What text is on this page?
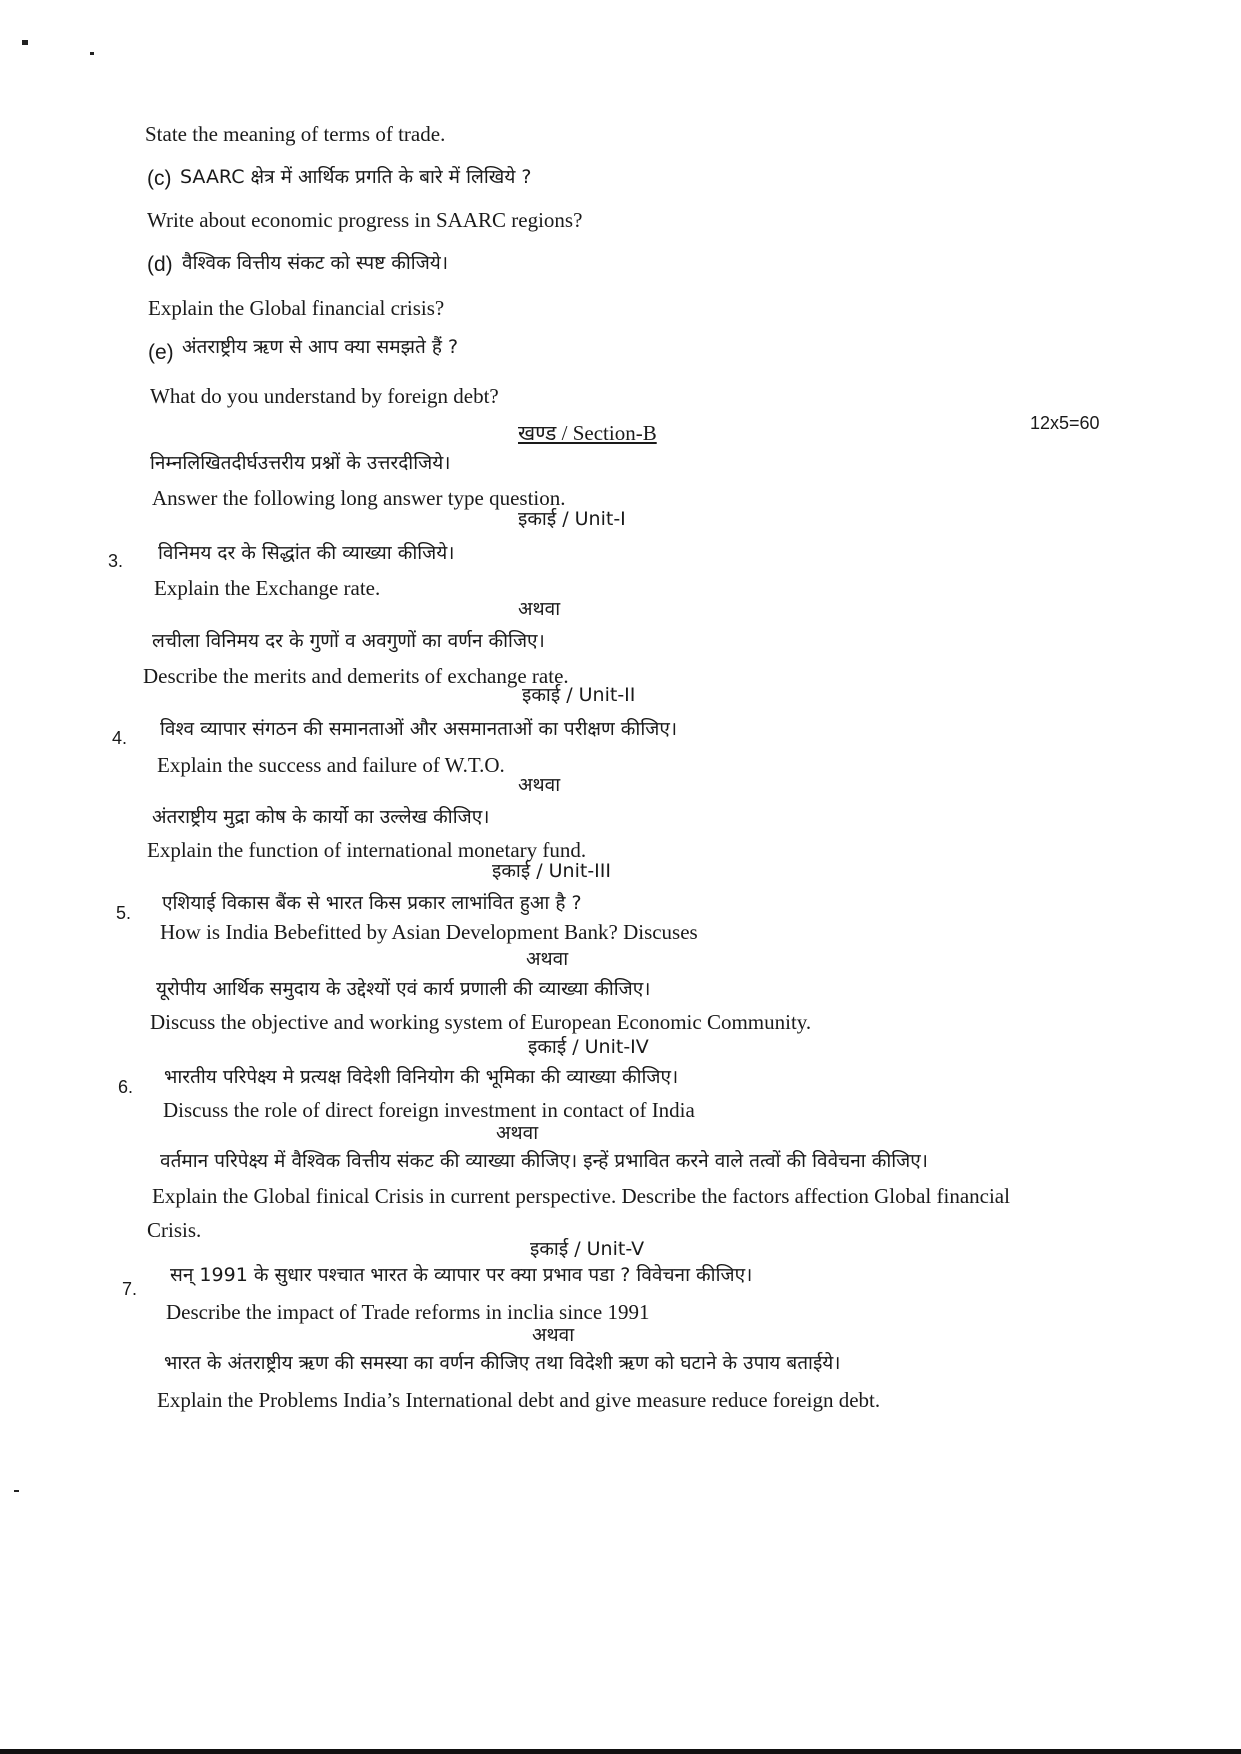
State the meaning of terms of trade.
(c) SAARC क्षेत्र में आर्थिक प्रगति के बारे में लिखिये ?
Write about economic progress in SAARC regions?
(d) वैश्विक वित्तीय संकट को स्पष्ट कीजिये।
Explain the Global financial crisis?
(e) अंतराष्ट्रीय ऋण से आप क्या समझते हैं ?
What do you understand by foreign debt?
खण्ड / Section-B	12x5=60
निम्नलिखितदीर्घउत्तरीय प्रश्नों के उत्तरदीजिये।
Answer the following long answer type question.
इकाई / Unit-I
3. विनिमय दर के सिद्धांत की व्याख्या कीजिये।
Explain the Exchange rate.
अथवा
लचीला विनिमय दर के गुणों व अवगुणों का वर्णन कीजिए।
Describe the merits and demerits of exchange rate.
इकाई / Unit-II
4. विश्व व्यापार संगठन की समानताओं और असमानताओं का परीक्षण कीजिए।
Explain the success and failure of W.T.O.
अथवा
अंतराष्ट्रीय मुद्रा कोष के कार्यो का उल्लेख कीजिए।
Explain the function of international monetary fund.
इकाई / Unit-III
5. एशियाई विकास बैंक से भारत किस प्रकार लाभांवित हुआ है ?
How is India Bebefitted by Asian Development Bank? Discuses
अथवा
यूरोपीय आर्थिक समुदाय के उद्देश्यों एवं कार्य प्रणाली की व्याख्या कीजिए।
Discuss the objective and working system of European Economic Community.
इकाई / Unit-IV
6. भारतीय परिपेक्ष्य मे प्रत्यक्ष विदेशी विनियोग की भूमिका की व्याख्या कीजिए।
Discuss the role of direct foreign investment in contact of India
अथवा
वर्तमान परिपेक्ष्य में वैश्विक वित्तीय संकट की व्याख्या कीजिए। इन्हें प्रभावित करने वाले तत्वों की विवेचना कीजिए।
Explain the Global finical Crisis in current perspective. Describe the factors affection Global financial
Crisis.
इकाई / Unit-V
7.
सन् 1991 के सुधार पश्चात भारत के व्यापार पर क्या प्रभाव पडा ? विवेचना कीजिए।
Describe the impact of Trade reforms in inclia since 1991
अथवा
भारत के अंतराष्ट्रीय ऋण की समस्या का वर्णन कीजिए तथा विदेशी ऋण को घटाने के उपाय बताईये।
Explain the Problems India’s International debt and give measure reduce foreign debt.
